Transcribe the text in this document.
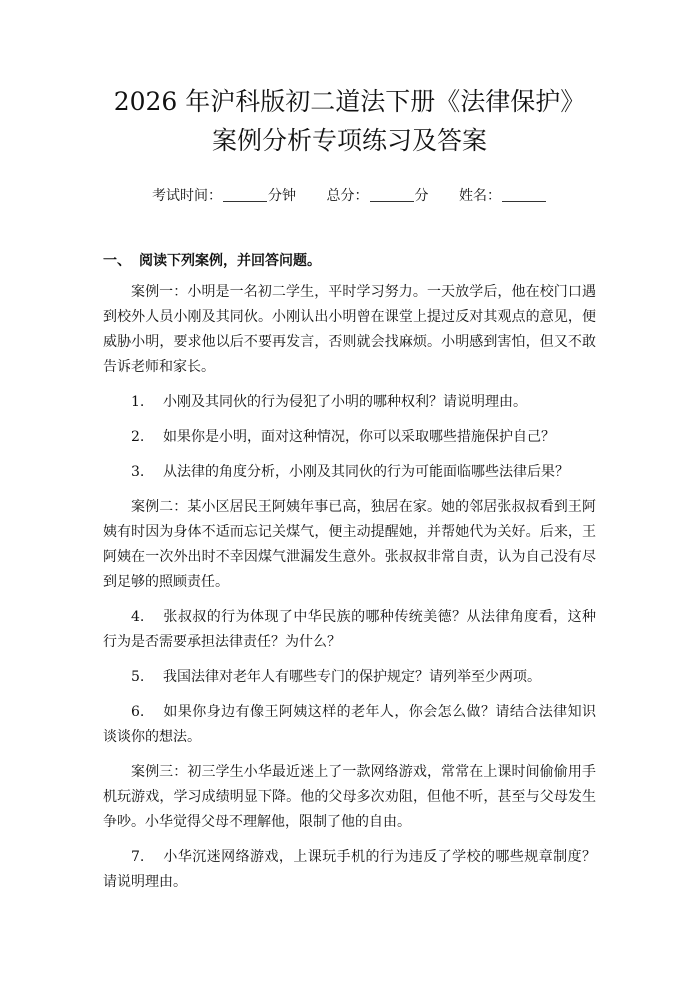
2026 年沪科版初二道法下册《法律保护》案例分析专项练习及答案
考试时间：	分钟 总分：	分 姓名：
一、 阅读下列案例，并回答问题。

案例一：小明是一名初二学生，平时学习努力。一天放学后，他在校门口遇到校外人员小刚及其同伙。小刚认出小明曾在课堂上提过反对其观点的意见，便威胁小明，要求他以后不要再发言，否则就会找麻烦。小明感到害怕，但又不敢告诉老师和家长。

1. 小刚及其同伙的行为侵犯了小明的哪种权利？请说明理由。

2. 如果你是小明，面对这种情况，你可以采取哪些措施保护自己？

3. 从法律的角度分析，小刚及其同伙的行为可能面临哪些法律后果？

案例二：某小区居民王阿姨年事已高，独居在家。她的邻居张叔叔看到王阿姨有时因为身体不适而忘记关煤气，便主动提醒她，并帮她代为关好。后来，王阿姨在一次外出时不幸因煤气泄漏发生意外。张叔叔非常自责，认为自己没有尽到足够的照顾责任。

4. 张叔叔的行为体现了中华民族的哪种传统美德？从法律角度看，这种行为是否需要承担法律责任？为什么？

5. 我国法律对老年人有哪些专门的保护规定？请列举至少两项。

6. 如果你身边有像王阿姨这样的老年人，你会怎么做？请结合法律知识谈谈你的想法。

案例三：初三学生小华最近迷上了一款网络游戏，常常在上课时间偷偷用手机玩游戏，学习成绩明显下降。他的父母多次劝阻，但他不听，甚至与父母发生争吵。小华觉得父母不理解他，限制了他的自由。

7. 小华沉迷网络游戏，上课玩手机的行为违反了学校的哪些规章制度？请说明理由。
